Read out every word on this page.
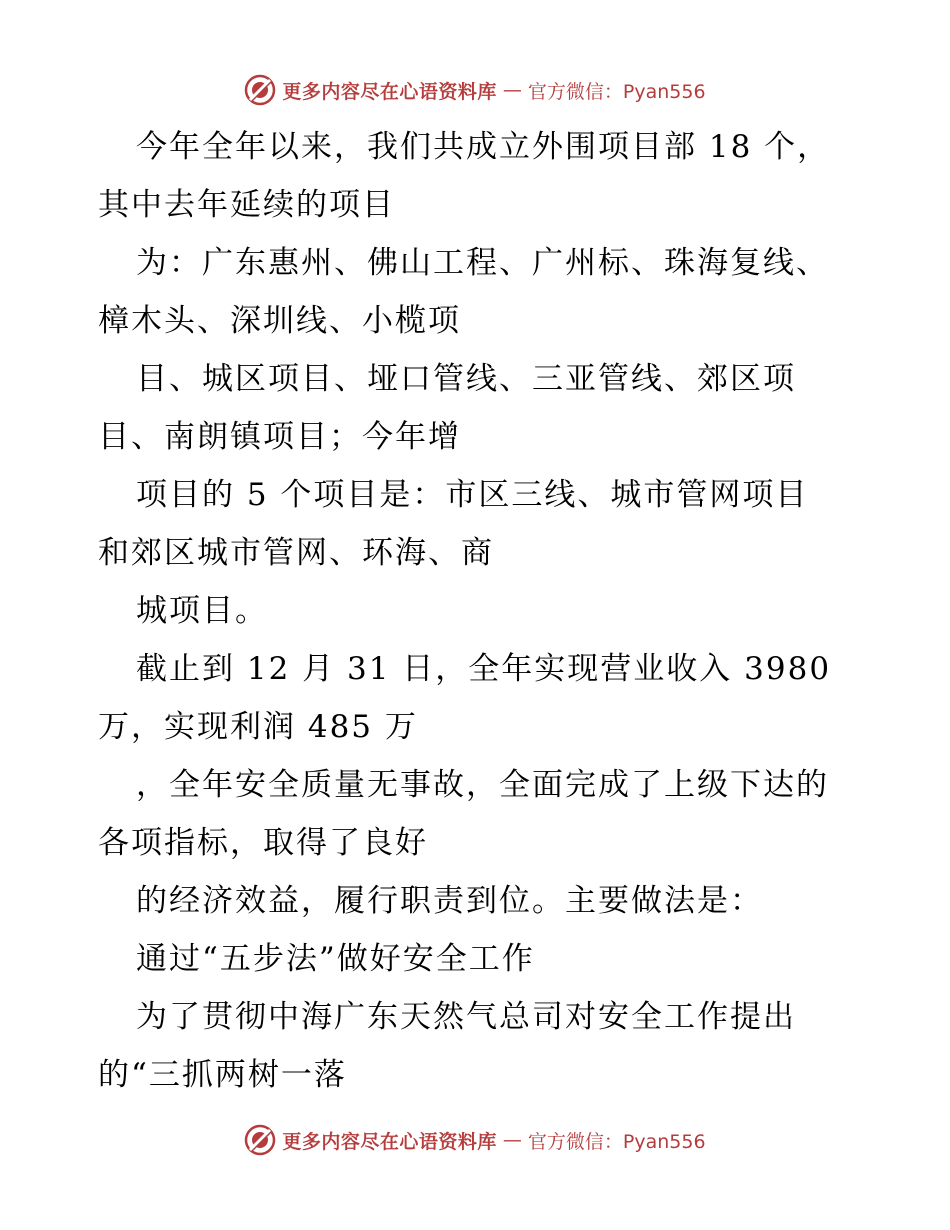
更多内容尽在心语资料库 — 官方微信：Pyan556
今年全年以来，我们共成立外围项目部 18 个，
其中去年延续的项目
为：广东惠州、佛山工程、广州标、珠海复线、
樟木头、深圳线、小榄项
目、城区项目、垭口管线、三亚管线、郊区项
目、南朗镇项目；今年增
项目的 5 个项目是：市区三线、城市管网项目
和郊区城市管网、环海、商
城项目。
截止到 12 月 31 日，全年实现营业收入 3980
万，实现利润 485 万
，全年安全质量无事故，全面完成了上级下达的
各项指标，取得了良好
的经济效益，履行职责到位。主要做法是：
通过“五步法”做好安全工作
为了贯彻中海广东天然气总司对安全工作提出
的“三抓两树一落
更多内容尽在心语资料库 — 官方微信：Pyan556
